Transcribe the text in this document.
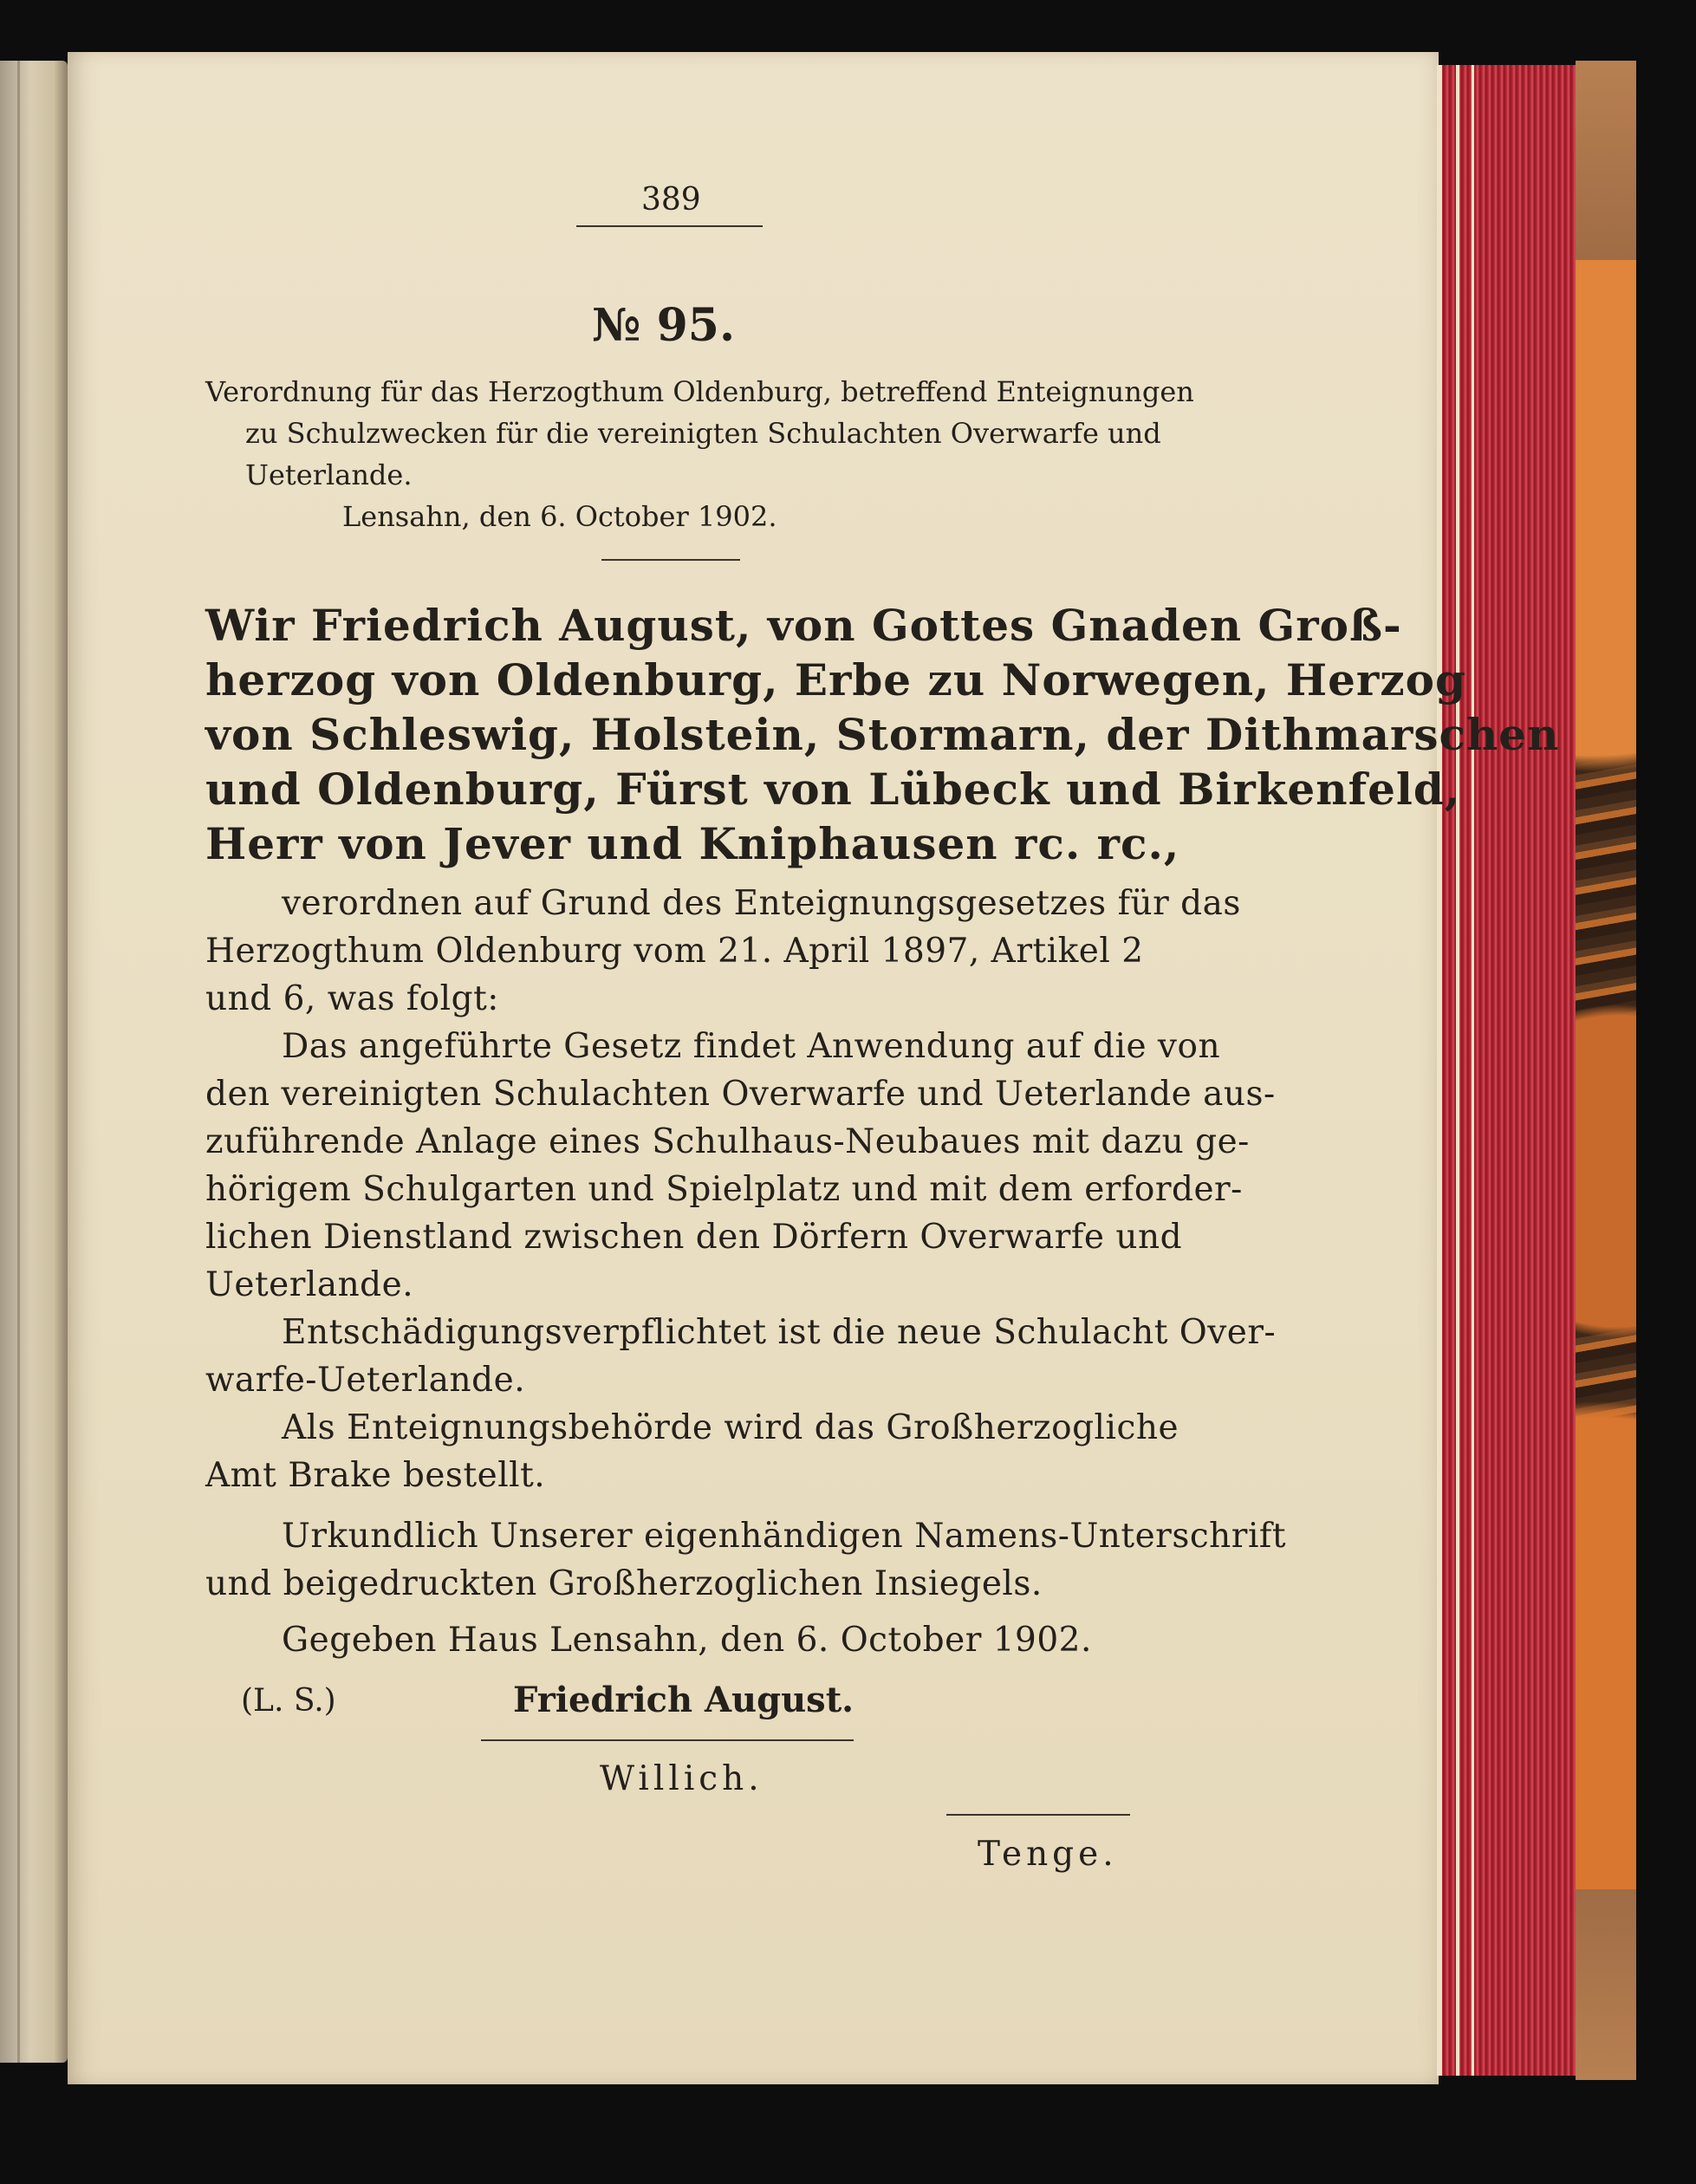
389
№ 95.
Verordnung für das Herzogthum Oldenburg, betreffend Enteignungen
zu Schulzwecken für die vereinigten Schulachten Overwarfe und
Ueterlande.
Lensahn, den 6. October 1902.
Wir Friedrich August, von Gottes Gnaden Groß-
herzog von Oldenburg, Erbe zu Norwegen, Herzog
von Schleswig, Holstein, Stormarn, der Dithmarschen
und Oldenburg, Fürst von Lübeck und Birkenfeld,
Herr von Jever und Kniphausen rc. rc.,
verordnen auf Grund des Enteignungsgesetzes für das
Herzogthum Oldenburg vom 21. April 1897, Artikel 2
und 6, was folgt:
Das angeführte Gesetz findet Anwendung auf die von
den vereinigten Schulachten Overwarfe und Ueterlande aus-
zuführende Anlage eines Schulhaus-Neubaues mit dazu ge-
hörigem Schulgarten und Spielplatz und mit dem erforder-
lichen Dienstland zwischen den Dörfern Overwarfe und
Ueterlande.
Entschädigungsverpflichtet ist die neue Schulacht Over-
warfe-Ueterlande.
Als Enteignungsbehörde wird das Großherzogliche
Amt Brake bestellt.
Urkundlich Unserer eigenhändigen Namens-Unterschrift
und beigedruckten Großherzoglichen Insiegels.
Gegeben Haus Lensahn, den 6. October 1902.
(L. S.)	Friedrich August.
Willich.
Tenge.
